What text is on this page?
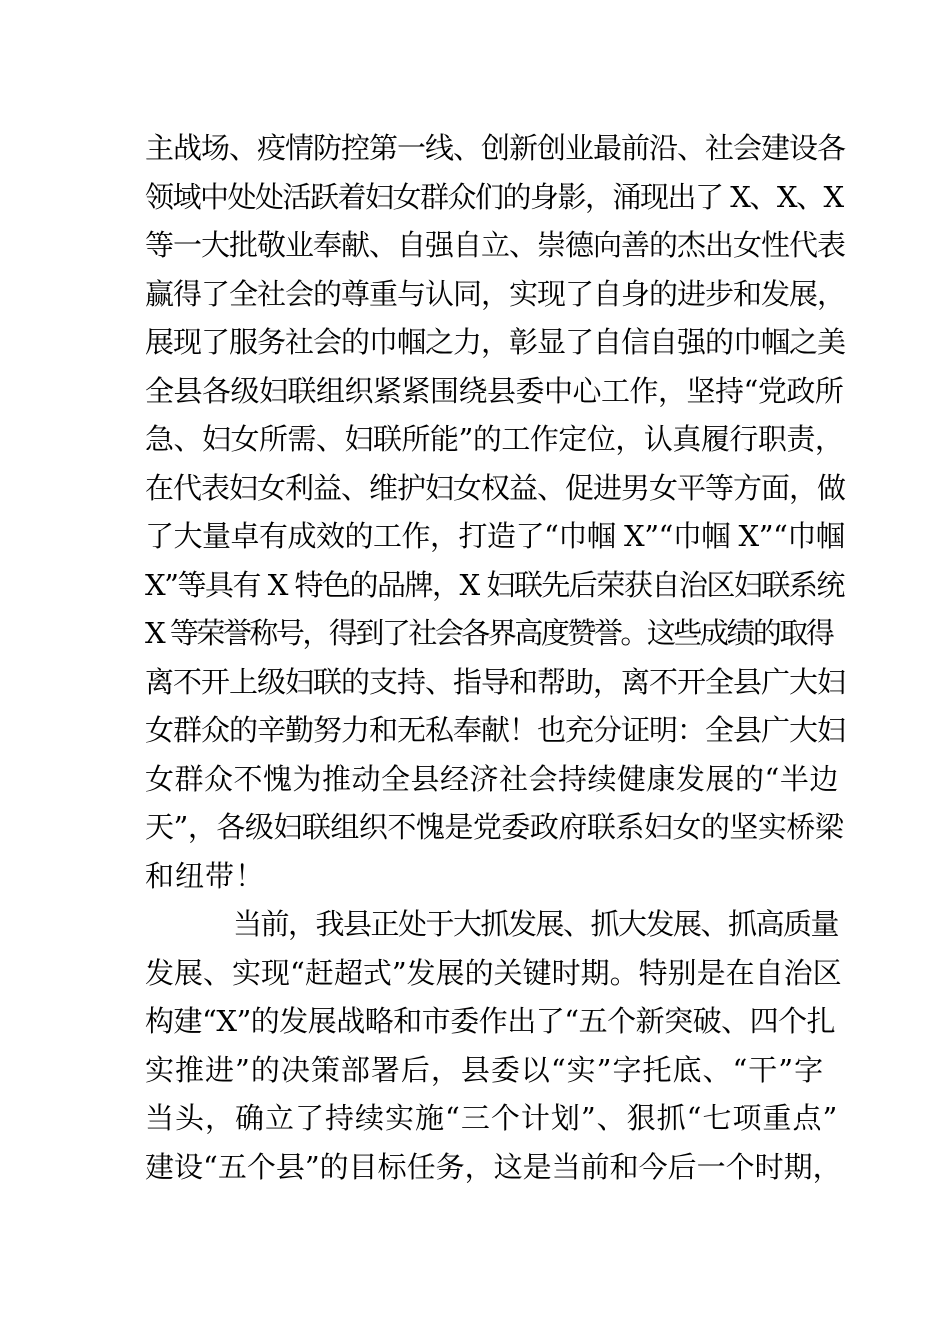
主战场、疫情防控第一线、创新创业最前沿、社会建设各
领域中处处活跃着妇女群众们的身影，涌现出了 X、X、X
等一大批敬业奉献、自强自立、崇德向善的杰出女性代表
赢得了全社会的尊重与认同，实现了自身的进步和发展，
展现了服务社会的巾帼之力，彰显了自信自强的巾帼之美
全县各级妇联组织紧紧围绕县委中心工作，坚持“党政所
急、妇女所需、妇联所能”的工作定位，认真履行职责，
在代表妇女利益、维护妇女权益、促进男女平等方面，做
了大量卓有成效的工作，打造了“巾帼 X”“巾帼 X”“巾帼
X”等具有 X 特色的品牌，X 妇联先后荣获自治区妇联系统
X 等荣誉称号，得到了社会各界高度赞誉。这些成绩的取得
离不开上级妇联的支持、指导和帮助，离不开全县广大妇
女群众的辛勤努力和无私奉献！也充分证明：全县广大妇
女群众不愧为推动全县经济社会持续健康发展的“半边
天”，各级妇联组织不愧是党委政府联系妇女的坚实桥梁
和纽带！
当前，我县正处于大抓发展、抓大发展、抓高质量
发展、实现“赶超式”发展的关键时期。特别是在自治区
构建“X”的发展战略和市委作出了“五个新突破、四个扎
实推进”的决策部署后，县委以“实”字托底、“干”字
当头，确立了持续实施“三个计划”、狠抓“七项重点”
建设“五个县”的目标任务，这是当前和今后一个时期，
